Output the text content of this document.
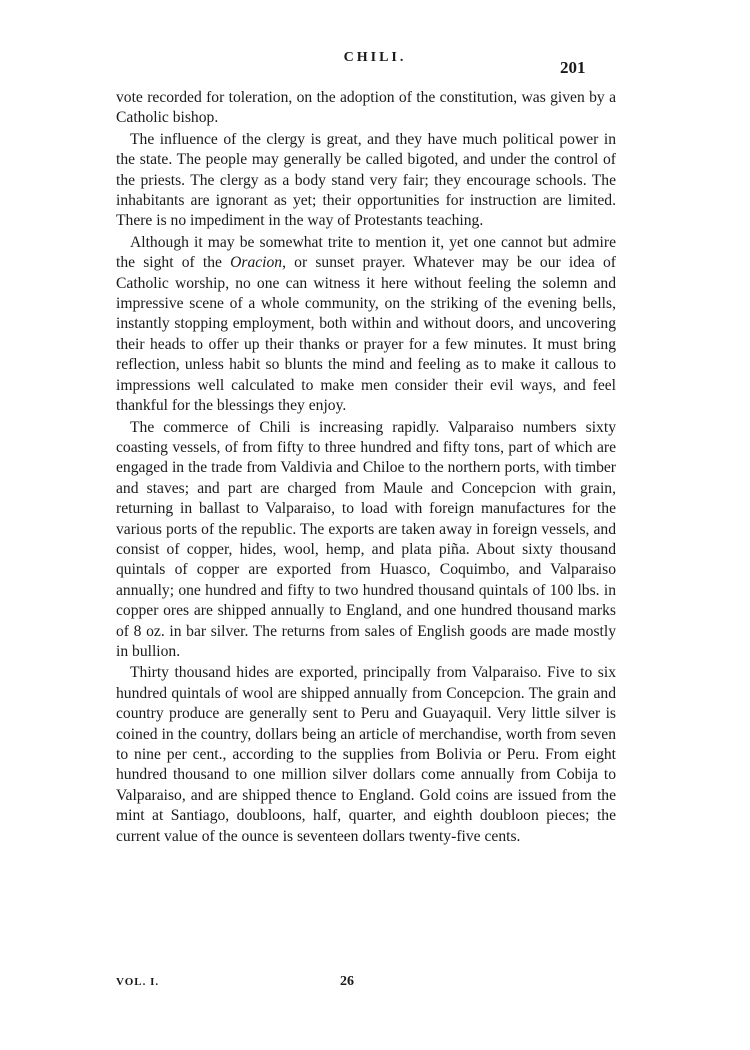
CHILI.
201

vote recorded for toleration, on the adoption of the constitution, was given by a Catholic bishop.

The influence of the clergy is great, and they have much political power in the state. The people may generally be called bigoted, and under the control of the priests. The clergy as a body stand very fair; they encourage schools. The inhabitants are ignorant as yet; their opportunities for instruction are limited. There is no impediment in the way of Protestants teaching.

Although it may be somewhat trite to mention it, yet one cannot but admire the sight of the Oracion, or sunset prayer. Whatever may be our idea of Catholic worship, no one can witness it here without feeling the solemn and impressive scene of a whole community, on the striking of the evening bells, instantly stopping employment, both within and without doors, and uncovering their heads to offer up their thanks or prayer for a few minutes. It must bring reflection, unless habit so blunts the mind and feeling as to make it callous to impressions well calculated to make men consider their evil ways, and feel thankful for the blessings they enjoy.

The commerce of Chili is increasing rapidly. Valparaiso numbers sixty coasting vessels, of from fifty to three hundred and fifty tons, part of which are engaged in the trade from Valdivia and Chiloe to the northern ports, with timber and staves; and part are charged from Maule and Concepcion with grain, returning in ballast to Valparaiso, to load with foreign manufactures for the various ports of the republic. The exports are taken away in foreign vessels, and consist of copper, hides, wool, hemp, and plata piña. About sixty thousand quintals of copper are exported from Huasco, Coquimbo, and Valparaiso annually; one hundred and fifty to two hundred thousand quintals of 100 lbs. in copper ores are shipped annually to England, and one hundred thousand marks of 8 oz. in bar silver. The returns from sales of English goods are made mostly in bullion.

Thirty thousand hides are exported, principally from Valparaiso. Five to six hundred quintals of wool are shipped annually from Concepcion. The grain and country produce are generally sent to Peru and Guayaquil. Very little silver is coined in the country, dollars being an article of merchandise, worth from seven to nine per cent., according to the supplies from Bolivia or Peru. From eight hundred thousand to one million silver dollars come annually from Cobija to Valparaiso, and are shipped thence to England. Gold coins are issued from the mint at Santiago, doubloons, half, quarter, and eighth doubloon pieces; the current value of the ounce is seventeen dollars twenty-five cents.

VOL. I.	26
